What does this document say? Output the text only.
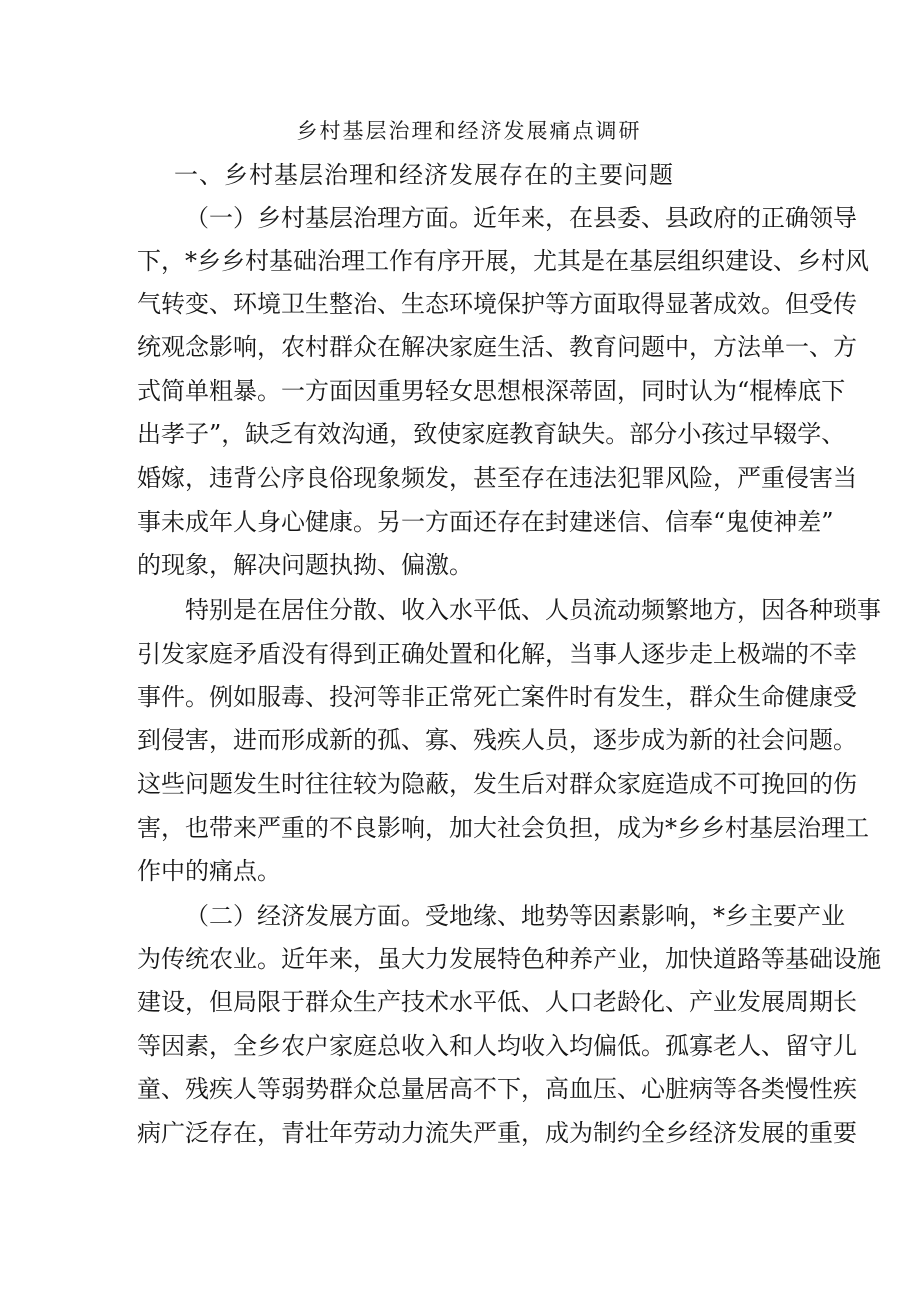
乡村基层治理和经济发展痛点调研
一、乡村基层治理和经济发展存在的主要问题
（一）乡村基层治理方面。近年来，在县委、县政府的正确领导
下，*乡乡村基础治理工作有序开展，尤其是在基层组织建设、乡村风
气转变、环境卫生整治、生态环境保护等方面取得显著成效。但受传
统观念影响，农村群众在解决家庭生活、教育问题中，方法单一、方
式简单粗暴。一方面因重男轻女思想根深蒂固，同时认为“棍棒底下
出孝子”，缺乏有效沟通，致使家庭教育缺失。部分小孩过早辍学、
婚嫁，违背公序良俗现象频发，甚至存在违法犯罪风险，严重侵害当
事未成年人身心健康。另一方面还存在封建迷信、信奉“鬼使神差”
的现象，解决问题执拗、偏激。
特别是在居住分散、收入水平低、人员流动频繁地方，因各种琐事
引发家庭矛盾没有得到正确处置和化解，当事人逐步走上极端的不幸
事件。例如服毒、投河等非正常死亡案件时有发生，群众生命健康受
到侵害，进而形成新的孤、寡、残疾人员，逐步成为新的社会问题。
这些问题发生时往往较为隐蔽，发生后对群众家庭造成不可挽回的伤
害，也带来严重的不良影响，加大社会负担，成为*乡乡村基层治理工
作中的痛点。
（二）经济发展方面。受地缘、地势等因素影响，*乡主要产业
为传统农业。近年来，虽大力发展特色种养产业，加快道路等基础设施
建设，但局限于群众生产技术水平低、人口老龄化、产业发展周期长
等因素，全乡农户家庭总收入和人均收入均偏低。孤寡老人、留守儿
童、残疾人等弱势群众总量居高不下，高血压、心脏病等各类慢性疾
病广泛存在，青壮年劳动力流失严重，成为制约全乡经济发展的重要
